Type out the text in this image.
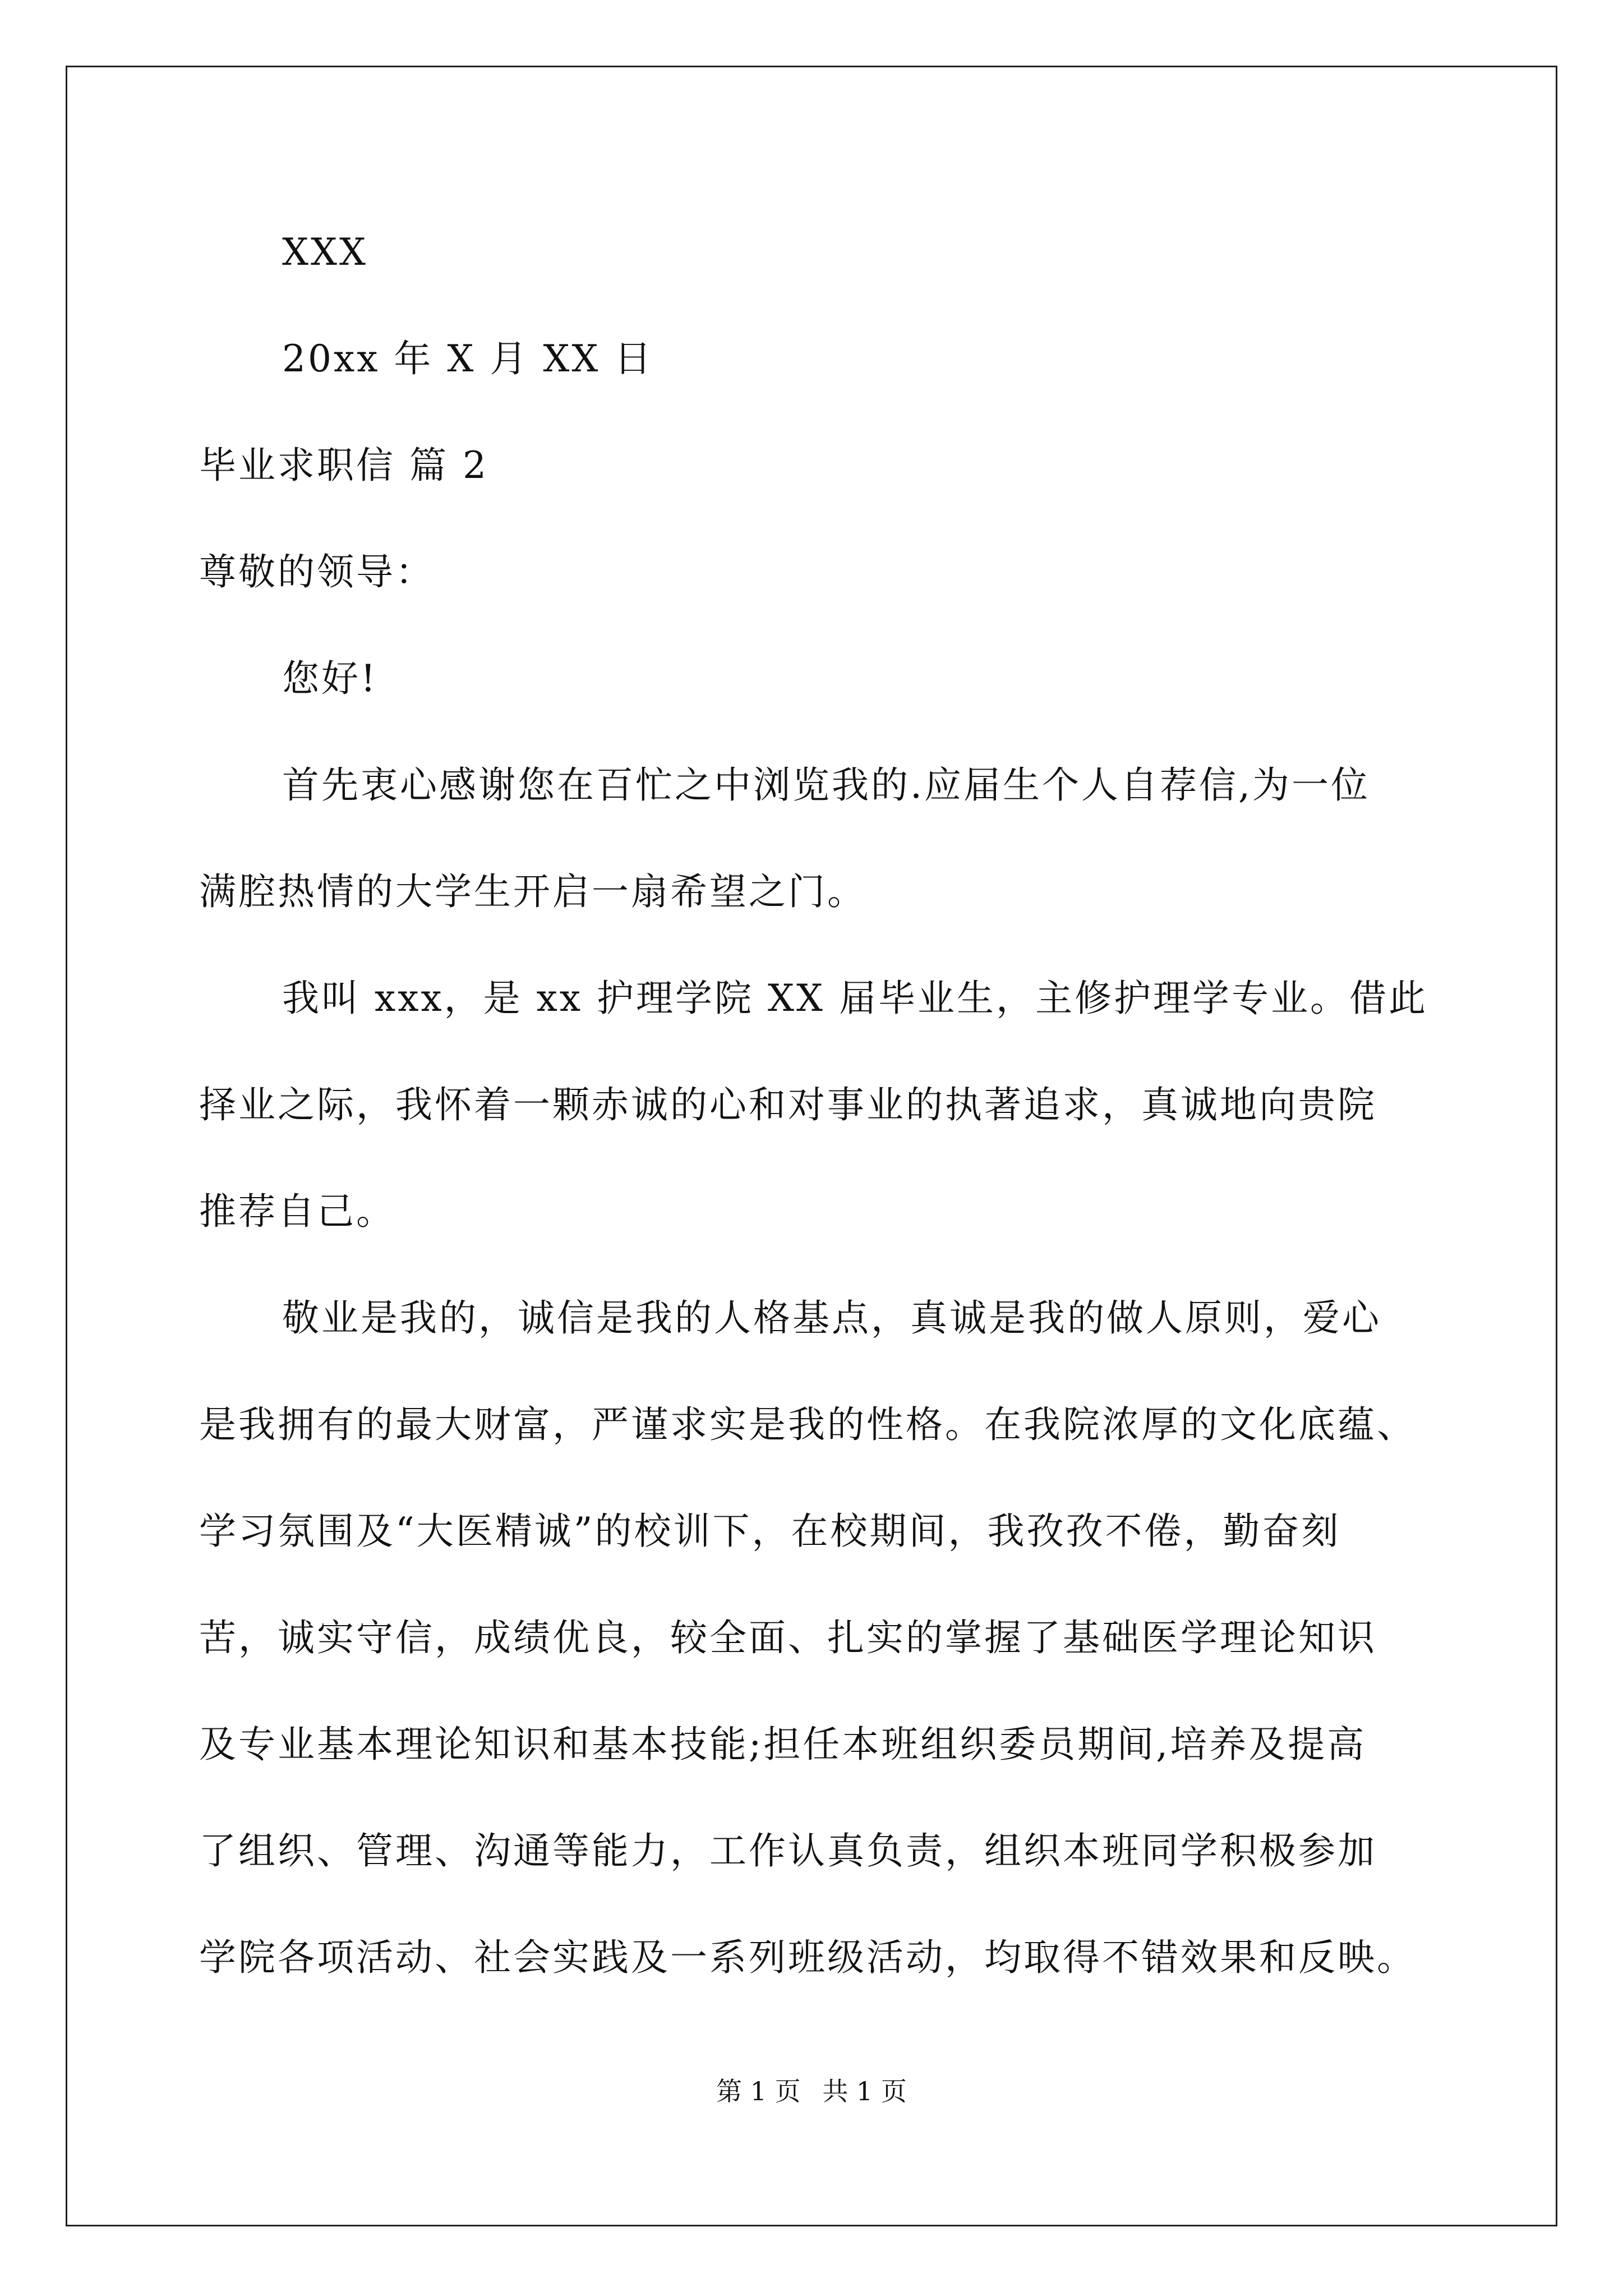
XXX
20xx 年 X 月 XX 日
毕业求职信 篇 2
尊敬的领导：
您好!
首先衷心感谢您在百忙之中浏览我的.应届生个人自荐信,为一位
满腔热情的大学生开启一扇希望之门。
我叫 xxx，是 xx 护理学院 XX 届毕业生，主修护理学专业。借此
择业之际，我怀着一颗赤诚的心和对事业的执著追求，真诚地向贵院
推荐自己。
敬业是我的，诚信是我的人格基点，真诚是我的做人原则，爱心
是我拥有的最大财富，严谨求实是我的性格。在我院浓厚的文化底蕴、
学习氛围及“大医精诚”的校训下，在校期间，我孜孜不倦，勤奋刻
苦，诚实守信，成绩优良，较全面、扎实的掌握了基础医学理论知识
及专业基本理论知识和基本技能;担任本班组织委员期间,培养及提高
了组织、管理、沟通等能力，工作认真负责，组织本班同学积极参加
学院各项活动、社会实践及一系列班级活动，均取得不错效果和反映。
第 1 页 共 1 页
